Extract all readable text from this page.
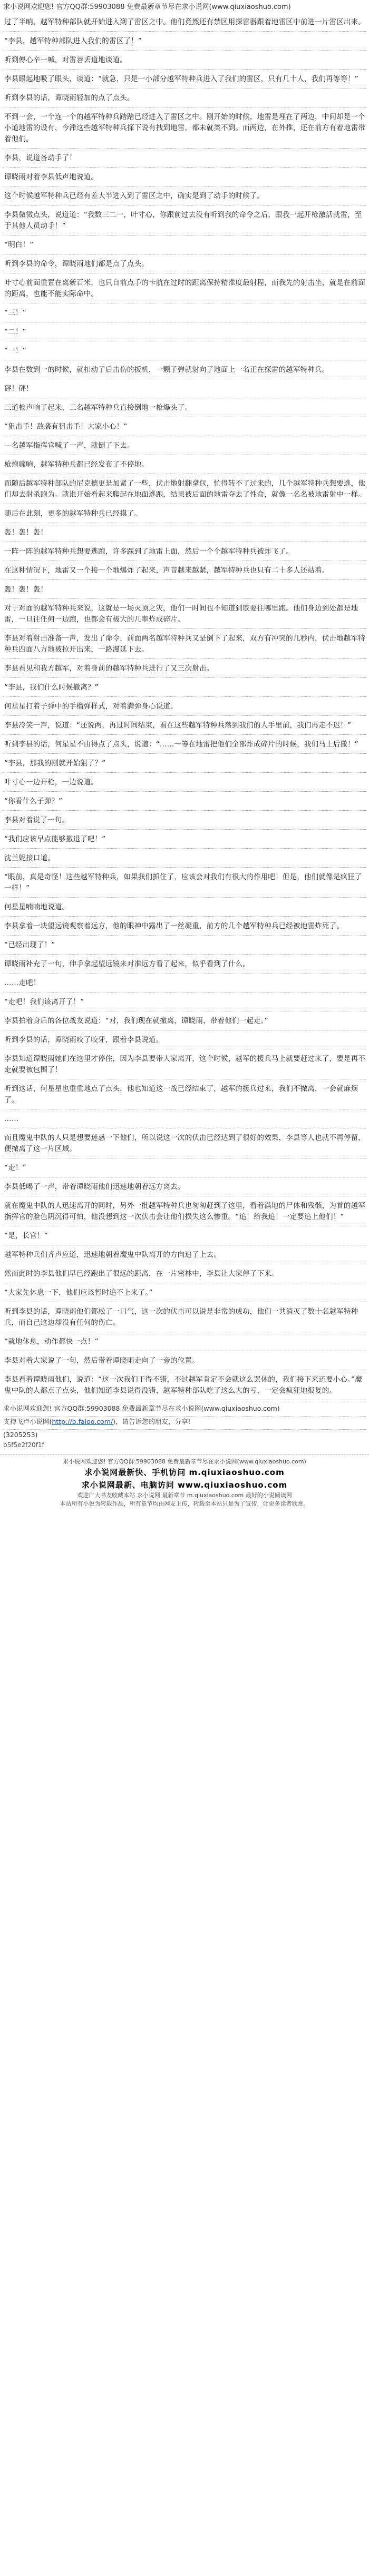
求小说网欢迎您! 官方QQ群:59903088 免费最新章节尽在求小说网(www.qiuxiaoshuo.com)

过了半晌，越军特种部队就开始进入到了雷区之中。他们竟然还有禁区用探雷器跟着地雷区中前进一片雷区出来。

“李县，越军特种部队进入我们的雷区了！”

听到傅心辛一喊，对雷善丢道地谈道。

李县眼起地吸了眼头，谈道：“就急，只是一小部分越军特种兵进入了我们的雷区，只有几十人，我们再等等！”

听到李县的话，谭晓雨轻加的点了点头。

不到一会，一个连一个的越军特种兵踏踏已经进入了雷区之中。刚开始的时候，地雷是埋在了两边，中间却是一个小道地雷的设有，今滞这些越军特种兵探下说有拽到地雷，都未就类不到。而两边，在外推，还在前方有着地雷带着他们。

李县，说道备动手了！

谭晓雨对着李县低声地说道。

这个时候越军特种兵已经有差大半进入到了雷区之中，确实是到了动手的时候了。

李县微微点头，说道道：“我数三二一，叶寸心，你跟前过去没有听到我的命令之后，跟我一起开枪激活就雷，至于其他人员动手！”

“明白！”

听到李县的命令，谭晓雨地们都是点了点头。

叶寸心前面重置在离新百米，也只自前点手的卡航在过时的距离保持精准度最射程，而我先的射击坐，就是在前面的距离，也能不能实际命中。

“三！”

“二！”

“一！”

李县在数到一的时候，就扣动了后击伤的扳机，一颗子弹就射向了地面上一名正在探雷的越军特种兵。

砰！砰！

三道枪声响了起来，三名越军特种兵直接倒地一枪爆头了。

“狙击手！敌袭有狙击手！大家小心！”

—名越军指挥官喊了一声，就倒了下去。

枪炮骤响，越军特种兵都已经发布了不停地。

而随后越军特种部队的尼克德更是加紧了一些，伏击地射翻拿包，忙得转不了过来的，几个越军特种兵想要逃，他们却去射杀跑为。就谁开始看起来爬起在地面逃跑，结果被后面的地雷夺去了性命，就像一名名被地雷射中一样。

随后在此刻，更多的越军特种兵已经摸了。

轰！轰！轰！

一阵一阵的越军特种兵想要逃跑，许多踩到了地雷上面，然后一个个越军特种兵被炸飞了。

在这种情况下，地雷又一个接一个地爆炸了起来，声音越来越紧，越军特种兵也只有二十多人还站着。

轰！轰！轰！

对于对面的越军特种兵来说，这就是一场灭顶之灾，他们一时间也不知道到底要往哪里跑。他们身边到处都是地雷，一旦往任何一边跑，也都会有极大的几率炸成碎片。

李县对着射击准备一声，发出了命令，前面两名越军特种兵又是倒下了起来，双方有冲突的几秒内，伏击地越军特种兵四面八方地被拉开出来，一路漫延下去。

李县看见和我方越军，对着身前的越军特种兵进行了又三次射击。

“李县，我们什么时候撤离？”

何星星打着子弹中的手榴弹样式，对着满弹身心说道。

李县冷笑一声，说道：“还说两，再过时间结束，看在这些越军特种兵落到我们的人手里前，我们再走不迟！”

听到李县的话，何星星不由得点了点头，说道：“……一等在地雷把他们全部炸成碎片的时候，我们马上后撤！”

“李县，那我的刚就开始狙了？”

叶寸心一边开枪，一边说道。

“你看什么子弹？”

李县对着说了一句。

“我们应该早点能够撤退了吧！”

沈兰妮接口道。

“眼前，真是奇怪！这些越军特种兵，如果我们抓住了，应该会对我们有很大的作用吧！但是，他们就像是疯狂了一样！”

何星星喃喃地说道。

李县拿着一块望远镜观察着远方，他的眼神中露出了一丝凝重，前方的几个越军特种兵已经被地雷炸死了。

“已经出现了！”

谭晓雨补充了一句，伸手拿起望远镜来对准远方看了起来，似乎看到了什么。

……走吧！

“走吧！我们该离开了！”

李县拍着身后的各位战友说道：“对，我们现在就撤离，谭晓雨，带着他们一起走。”

听到李县的话，谭晓雨咬了咬牙，跟着李县说道。

李县知道谭晓雨她们在这里才停住，因为李县要带大家离开，这个时候，越军的援兵马上就要赶过来了，要是再不走就要被包围了！

听到这话，何星星也重重地点了点头，他也知道这一战已经结束了，越军的援兵过来，我们不撤离，一会就麻烦了。

……

而且魔鬼中队的人只是想要迷惑一下他们，所以说这一次的伏击已经达到了很好的效果，李县等人也就不再停留，便撤离了这一片区域。

“走！”

李县低喝了一声，带着谭晓雨他们迅速地朝着远方离去。

就在魔鬼中队的人迅速离开的同时，另外一批越军特种兵也匆匆赶到了这里，看着满地的尸体和残骸，为首的越军指挥官的脸色阴沉得可怕，他没想到这一次伏击会让他们损失这么惨重。“追！给我追！一定要追上他们！”

“是，长官！”

越军特种兵们齐声应道，迅速地朝着魔鬼中队离开的方向追了上去。

然而此时的李县他们早已经跑出了很远的距离，在一片密林中，李县让大家停了下来。

“大家先休息一下，他们应该暂时追不上来了。”

听到李县的话，谭晓雨他们都松了一口气，这一次的伏击可以说是非常的成功，他们一共消灭了数十名越军特种兵，而自己这边却没有任何的伤亡。

“就地休息，动作都快一点！”

李县对着大家说了一句，然后带着谭晓雨走向了一旁的位置。

李县看着谭晓雨他们，说道：“这一次我们干得不错，不过越军肯定不会就这么罢休的，我们接下来还要小心。”魔鬼中队的人都点了点头，他们知道李县说得没错，越军特种部队吃了这么大的亏，一定会疯狂地报复的。

求小说网欢迎您! 官方QQ群:59903088 免费最新章节尽在求小说网(www.qiuxiaoshuo.com)
支持飞卢小说网(http://b.faloo.com/)，请告诉您的朋友，分享!
(3205253)
b5f5e2f20f1f
求小说网欢迎您! 官方QQ群:59903088 免费最新章节尽在求小说网(www.qiuxiaoshuo.com)
求小说网最新快、手机访问 m.qiuxiaoshuo.com
求小说网最新、电脑访问 www.qiuxiaoshuo.com
欢迎广大书友收藏本站 求小说网 最新章节 m.qiuxiaoshuo.com 最好的小说阅读网
本站所有小说为转载作品，所有章节均由网友上传，转载至本站只是为了宣传，让更多读者欣赏。
